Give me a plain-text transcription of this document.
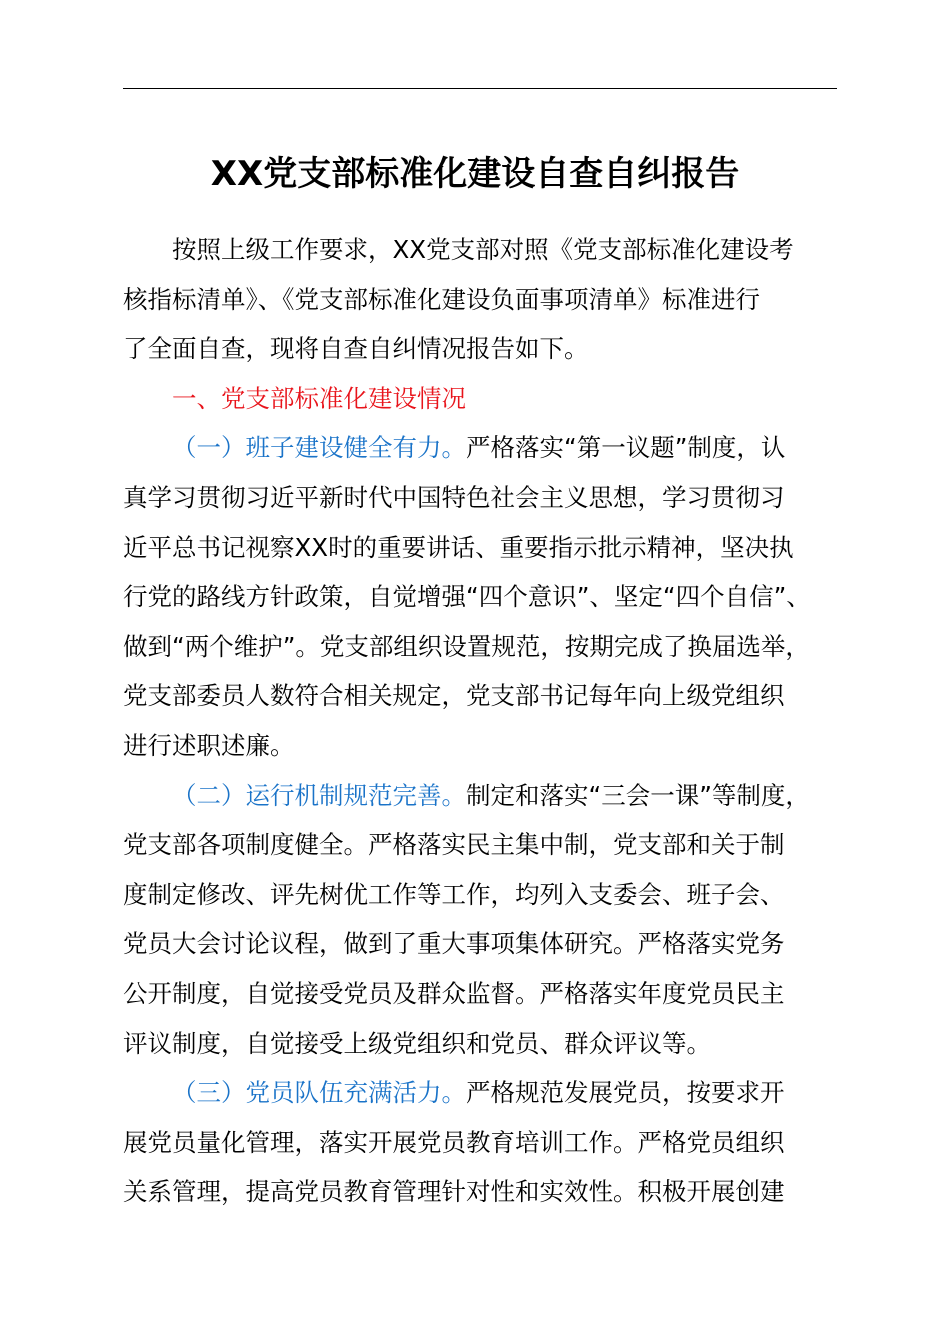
XX党支部标准化建设自查自纠报告
按照上级工作要求，XX党支部对照《党支部标准化建设考
核指标清单》、《党支部标准化建设负面事项清单》标准进行
了全面自查，现将自查自纠情况报告如下。
一、党支部标准化建设情况
（一）班子建设健全有力。严格落实“第一议题”制度，认
真学习贯彻习近平新时代中国特色社会主义思想，学习贯彻习
近平总书记视察XX时的重要讲话、重要指示批示精神，坚决执
行党的路线方针政策，自觉增强“四个意识”、坚定“四个自信”、
做到“两个维护”。党支部组织设置规范，按期完成了换届选举，
党支部委员人数符合相关规定，党支部书记每年向上级党组织
进行述职述廉。
（二）运行机制规范完善。制定和落实“三会一课”等制度，
党支部各项制度健全。严格落实民主集中制，党支部和关于制
度制定修改、评先树优工作等工作，均列入支委会、班子会、
党员大会讨论议程，做到了重大事项集体研究。严格落实党务
公开制度，自觉接受党员及群众监督。严格落实年度党员民主
评议制度，自觉接受上级党组织和党员、群众评议等。
（三）党员队伍充满活力。严格规范发展党员，按要求开
展党员量化管理，落实开展党员教育培训工作。严格党员组织
关系管理，提高党员教育管理针对性和实效性。积极开展创建
